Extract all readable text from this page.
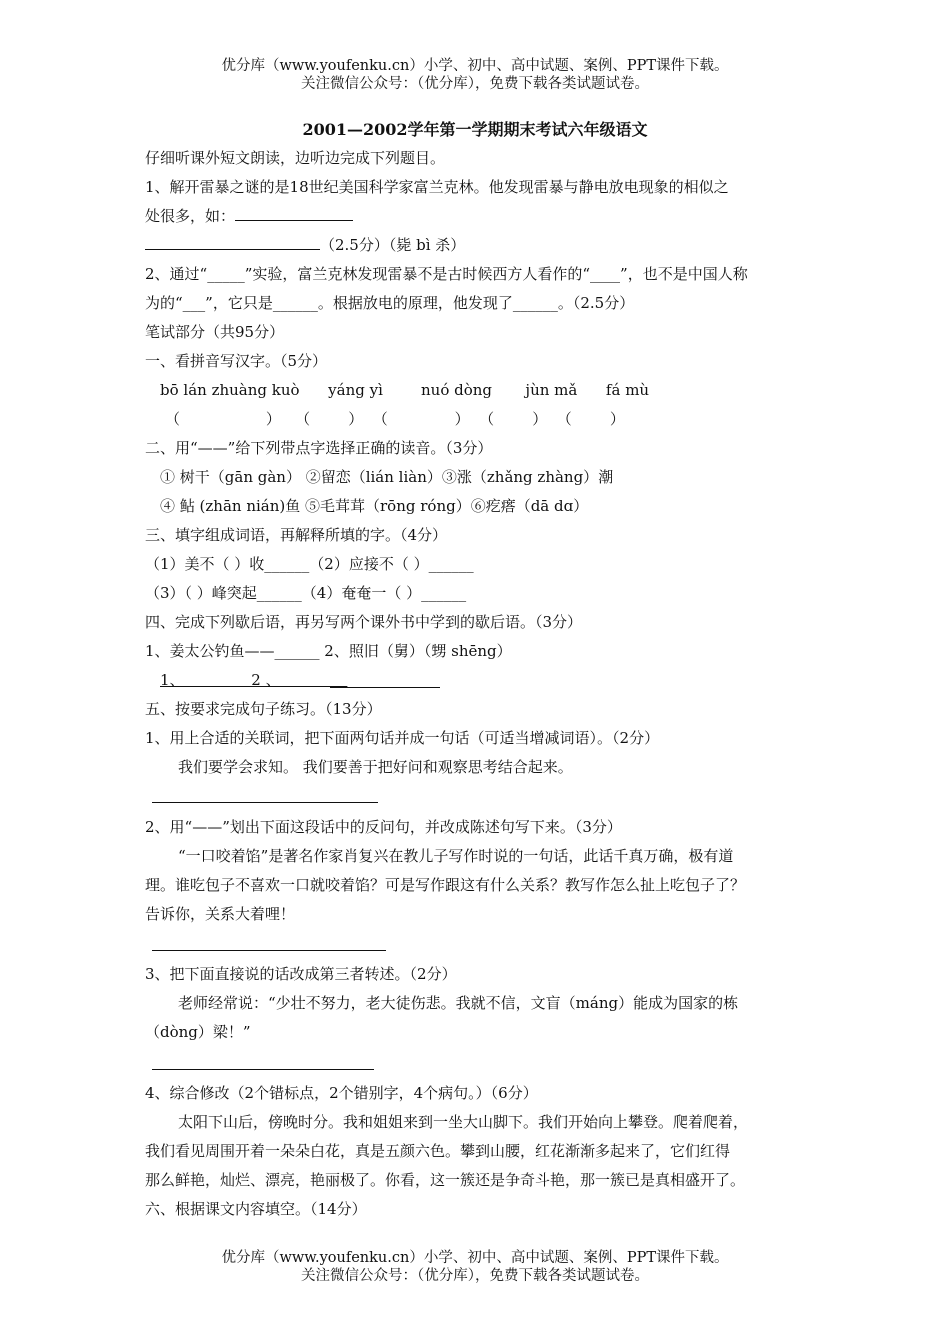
优分库（www.youfenku.cn）小学、初中、高中试题、案例、PPT课件下载。
关注微信公众号：（优分库），免费下载各类试题试卷。
2001—2002学年第一学期期末考试六年级语文
仔细听课外短文朗读，边听边完成下列题目。
1、解开雷暴之谜的是18世纪美国科学家富兰克林。他发现雷暴与静电放电现象的相似之
处很多，如：
（2.5分）（毙 bì 杀）
2、通过“_____”实验，富兰克林发现雷暴不是古时候西方人看作的“____”，也不是中国人称
为的“___”，它只是______。根据放电的原理，他发现了______。（2.5分）
笔试部分（共95分）
一、看拼音写汉字。（5分）
bō lán zhuàng kuò      yáng yì        nuó dòng       jùn mǎ      fá mù
（                  ）   （        ）  （              ）  （        ）  （        ）
二、用“——”给下列带点字选择正确的读音。（3分）
① 树干（gān gàn） ②留恋（lián liàn）③涨（zhǎng zhàng）潮
④ 鲇 (zhān nián)鱼 ⑤毛茸茸（rōng róng）⑥疙瘩（dā dɑ）
三、填字组成词语，再解释所填的字。（4分）
（1）美不（ ）收______（2）应接不（ ）______
（3）（ ）峰突起______（4）奄奄一（ ）______
四、完成下列歇后语，再另写两个课外书中学到的歇后语。（3分）
1、姜太公钓鱼——______ 2、照旧（舅）（甥 shēng）
1、              2 、
五、按要求完成句子练习。（13分）
1、用上合适的关联词，把下面两句话并成一句话（可适当增减词语）。（2分）
我们要学会求知。 我们要善于把好问和观察思考结合起来。
2、用“——”划出下面这段话中的反问句，并改成陈述句写下来。（3分）
“一口咬着馅”是著名作家肖复兴在教儿子写作时说的一句话，此话千真万确，极有道
理。谁吃包子不喜欢一口就咬着馅？可是写作跟这有什么关系？教写作怎么扯上吃包子了？
告诉你，关系大着哩！
3、把下面直接说的话改成第三者转述。（2分）
老师经常说：“少壮不努力，老大徒伤悲。我就不信，文盲（máng）能成为国家的栋
（dòng）梁！”
4、综合修改（2个错标点，2个错别字，4个病句。）（6分）
太阳下山后，傍晚时分。我和姐姐来到一坐大山脚下。我们开始向上攀登。爬着爬着，
我们看见周围开着一朵朵白花，真是五颜六色。攀到山腰，红花渐渐多起来了，它们红得
那么鲜艳，灿烂、漂亮，艳丽极了。你看，这一簇还是争奇斗艳，那一簇已是真相盛开了。
六、根据课文内容填空。（14分）
优分库（www.youfenku.cn）小学、初中、高中试题、案例、PPT课件下载。
关注微信公众号：（优分库），免费下载各类试题试卷。
